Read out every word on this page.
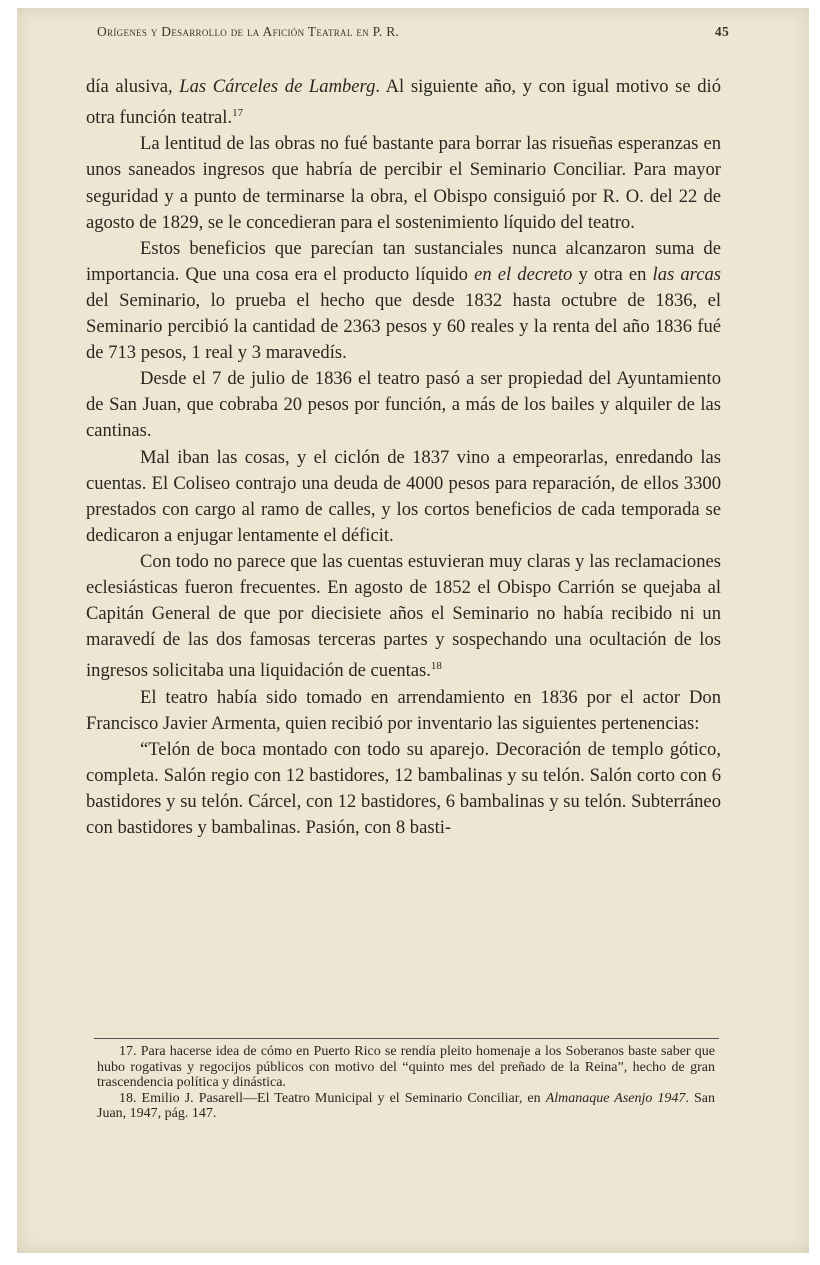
Orígenes y Desarrollo de la Afición Teatral en P. R.	45

día alusiva, Las Cárceles de Lamberg. Al siguiente año, y con igual motivo se dió otra función teatral.$^{17}$

La lentitud de las obras no fué bastante para borrar las risueñas esperanzas en unos saneados ingresos que habría de percibir el Seminario Conciliar. Para mayor seguridad y a punto de terminarse la obra, el Obispo consiguió por R. O. del 22 de agosto de 1829, se le concedieran para el sostenimiento líquido del teatro.

Estos beneficios que parecían tan sustanciales nunca alcanzaron suma de importancia. Que una cosa era el producto líquido en el decreto y otra en las arcas del Seminario, lo prueba el hecho que desde 1832 hasta octubre de 1836, el Seminario percibió la cantidad de 2363 pesos y 60 reales y la renta del año 1836 fué de 713 pesos, 1 real y 3 maravedís.

Desde el 7 de julio de 1836 el teatro pasó a ser propiedad del Ayuntamiento de San Juan, que cobraba 20 pesos por función, a más de los bailes y alquiler de las cantinas.

Mal iban las cosas, y el ciclón de 1837 vino a empeorarlas, enredando las cuentas. El Coliseo contrajo una deuda de 4000 pesos para reparación, de ellos 3300 prestados con cargo al ramo de calles, y los cortos beneficios de cada temporada se dedicaron a enjugar lentamente el déficit.

Con todo no parece que las cuentas estuvieran muy claras y las reclamaciones eclesiásticas fueron frecuentes. En agosto de 1852 el Obispo Carrión se quejaba al Capitán General de que por diecisiete años el Seminario no había recibido ni un maravedí de las dos famosas terceras partes y sospechando una ocultación de los ingresos solicitaba una liquidación de cuentas.$^{18}$

El teatro había sido tomado en arrendamiento en 1836 por el actor Don Francisco Javier Armenta, quien recibió por inventario las siguientes pertenencias:

“Telón de boca montado con todo su aparejo. Decoración de templo gótico, completa. Salón regio con 12 bastidores, 12 bambalinas y su telón. Salón corto con 6 bastidores y su telón. Cárcel, con 12 bastidores, 6 bambalinas y su telón. Subterráneo con bastidores y bambalinas. Pasión, con 8 basti-

17. Para hacerse idea de cómo en Puerto Rico se rendía pleito homenaje a los Soberanos baste saber que hubo rogativas y regocijos públicos con motivo del “quinto mes del preñado de la Reina”, hecho de gran trascendencia política y dinástica.

18. Emilio J. Pasarell—El Teatro Municipal y el Seminario Conciliar, en Almanaque Asenjo 1947. San Juan, 1947, pág. 147.
